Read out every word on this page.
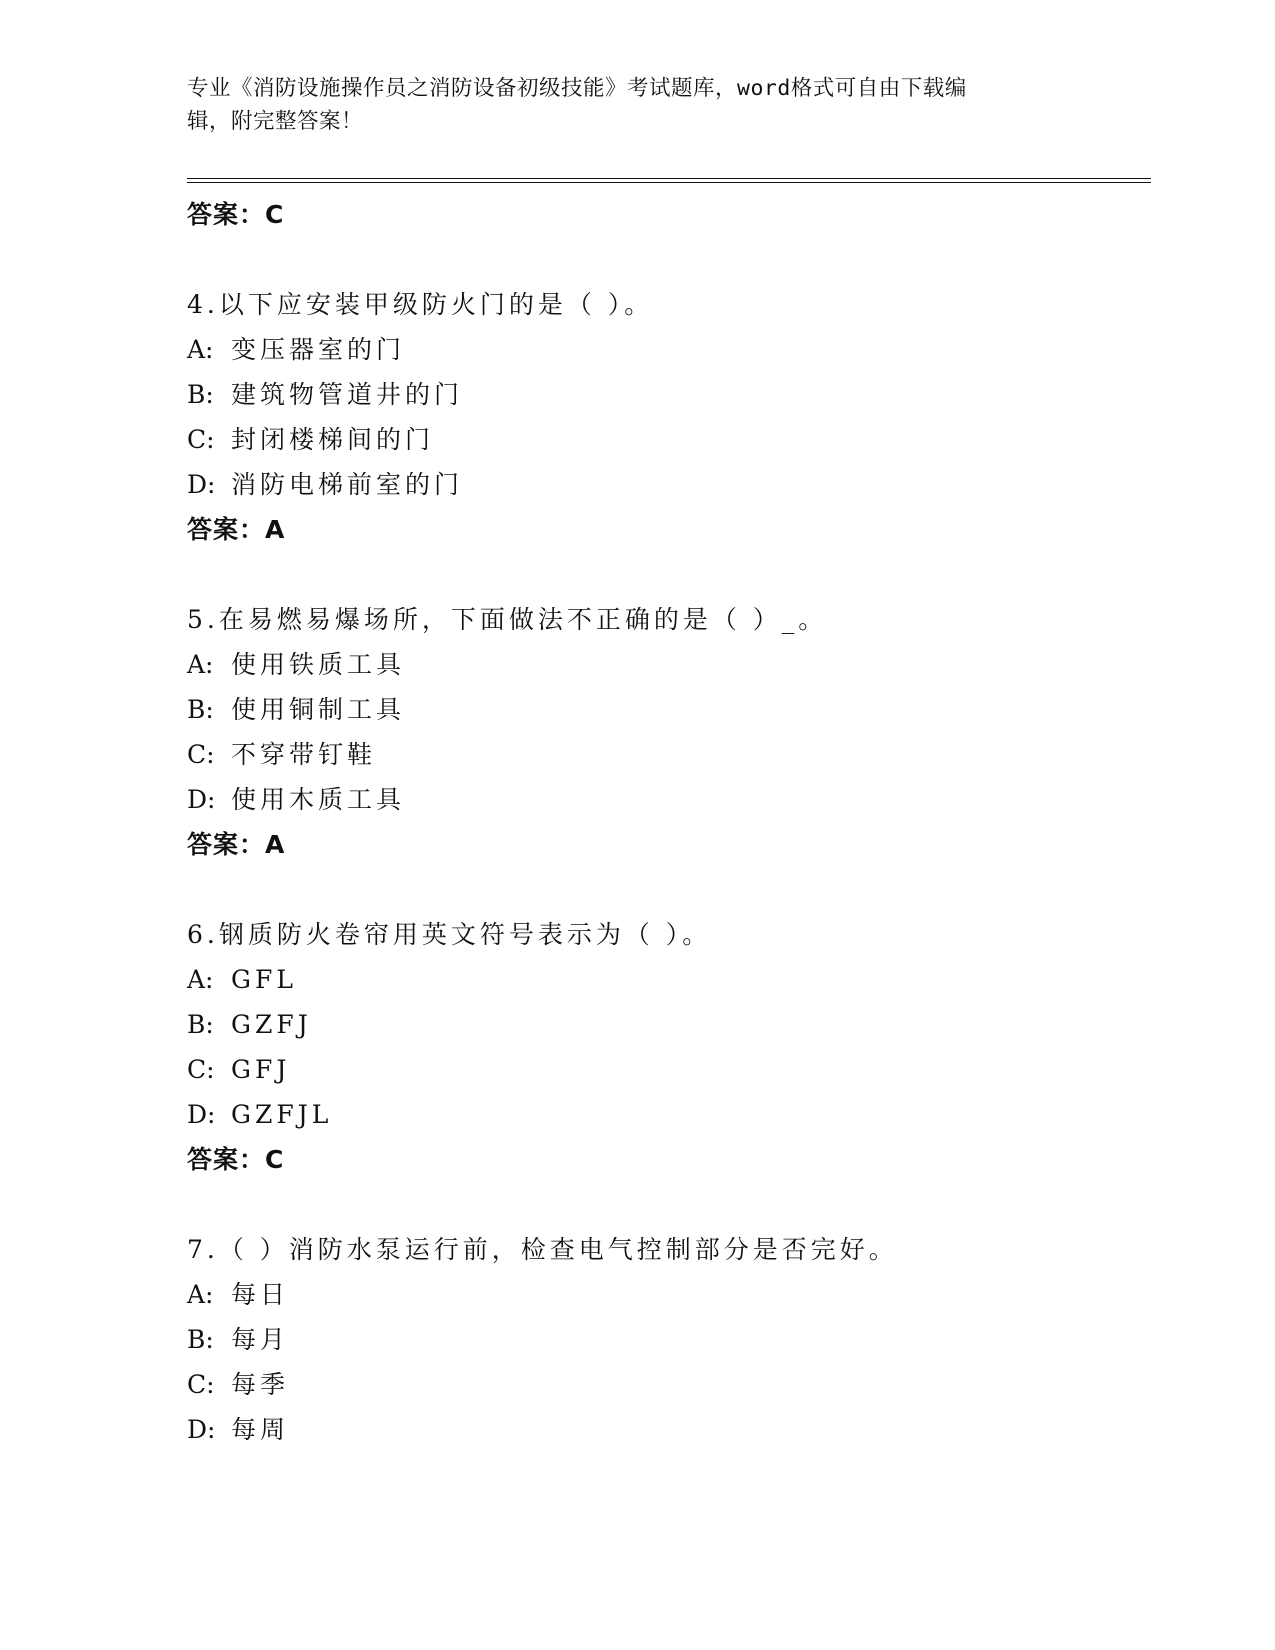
专业《消防设施操作员之消防设备初级技能》考试题库，word格式可自由下载编
辑，附完整答案！
答案：C
4.以下应安装甲级防火门的是（ ）。
A: 变压器室的门
B: 建筑物管道井的门
C: 封闭楼梯间的门
D: 消防电梯前室的门
答案：A
5.在易燃易爆场所，下面做法不正确的是（ ）_。
A: 使用铁质工具
B: 使用铜制工具
C: 不穿带钉鞋
D: 使用木质工具
答案：A
6.钢质防火卷帘用英文符号表示为（ ）。
A: GFL
B: GZFJ
C: GFJ
D: GZFJL
答案：C
7.（ ）消防水泵运行前，检查电气控制部分是否完好。
A: 每日
B: 每月
C: 每季
D: 每周
